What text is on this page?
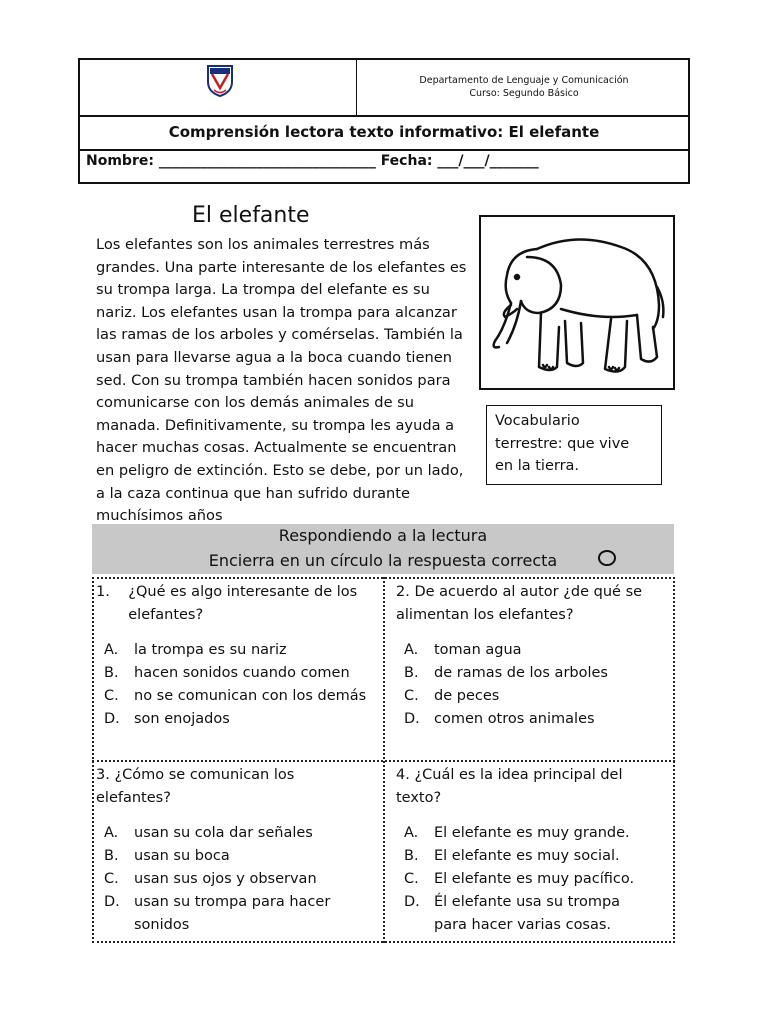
Departamento de Lenguaje y Comunicación
Curso: Segundo Básico
Comprensión lectora texto informativo: El elefante
Nombre: _______________________________ Fecha: ___/___/_______
El elefante
Los elefantes son los animales terrestres más
grandes. Una parte interesante de los elefantes es
su trompa larga. La trompa del elefante es su
nariz. Los elefantes usan la trompa para alcanzar
las ramas de los arboles y comérselas. También la
usan para llevarse agua a la boca cuando tienen
sed. Con su trompa también hacen sonidos para
comunicarse con los demás animales de su
manada. Definitivamente, su trompa les ayuda a
hacer muchas cosas. Actualmente se encuentran
en peligro de extinción. Esto se debe, por un lado,
a la caza continua que han sufrido durante
muchísimos años
Vocabulario
terrestre: que vive
en la tierra.
Respondiendo a la lectura
Encierra en un círculo la respuesta correcta
1.    ¿Qué es algo interesante de los
elefantes?
A. la trompa es su nariz
B. hacen sonidos cuando comen
C. no se comunican con los demás
D. son enojados
2. De acuerdo al autor ¿de qué se
alimentan los elefantes?
A. toman agua
B. de ramas de los arboles
C. de peces
D. comen otros animales
3. ¿Cómo se comunican los
elefantes?
A. usan su cola dar señales
B. usan su boca
C. usan sus ojos y observan
D. usan su trompa para hacer
sonidos
4. ¿Cuál es la idea principal del
texto?
A. El elefante es muy grande.
B. El elefante es muy social.
C. El elefante es muy pacífico.
D. Él elefante usa su trompa
para hacer varias cosas.
